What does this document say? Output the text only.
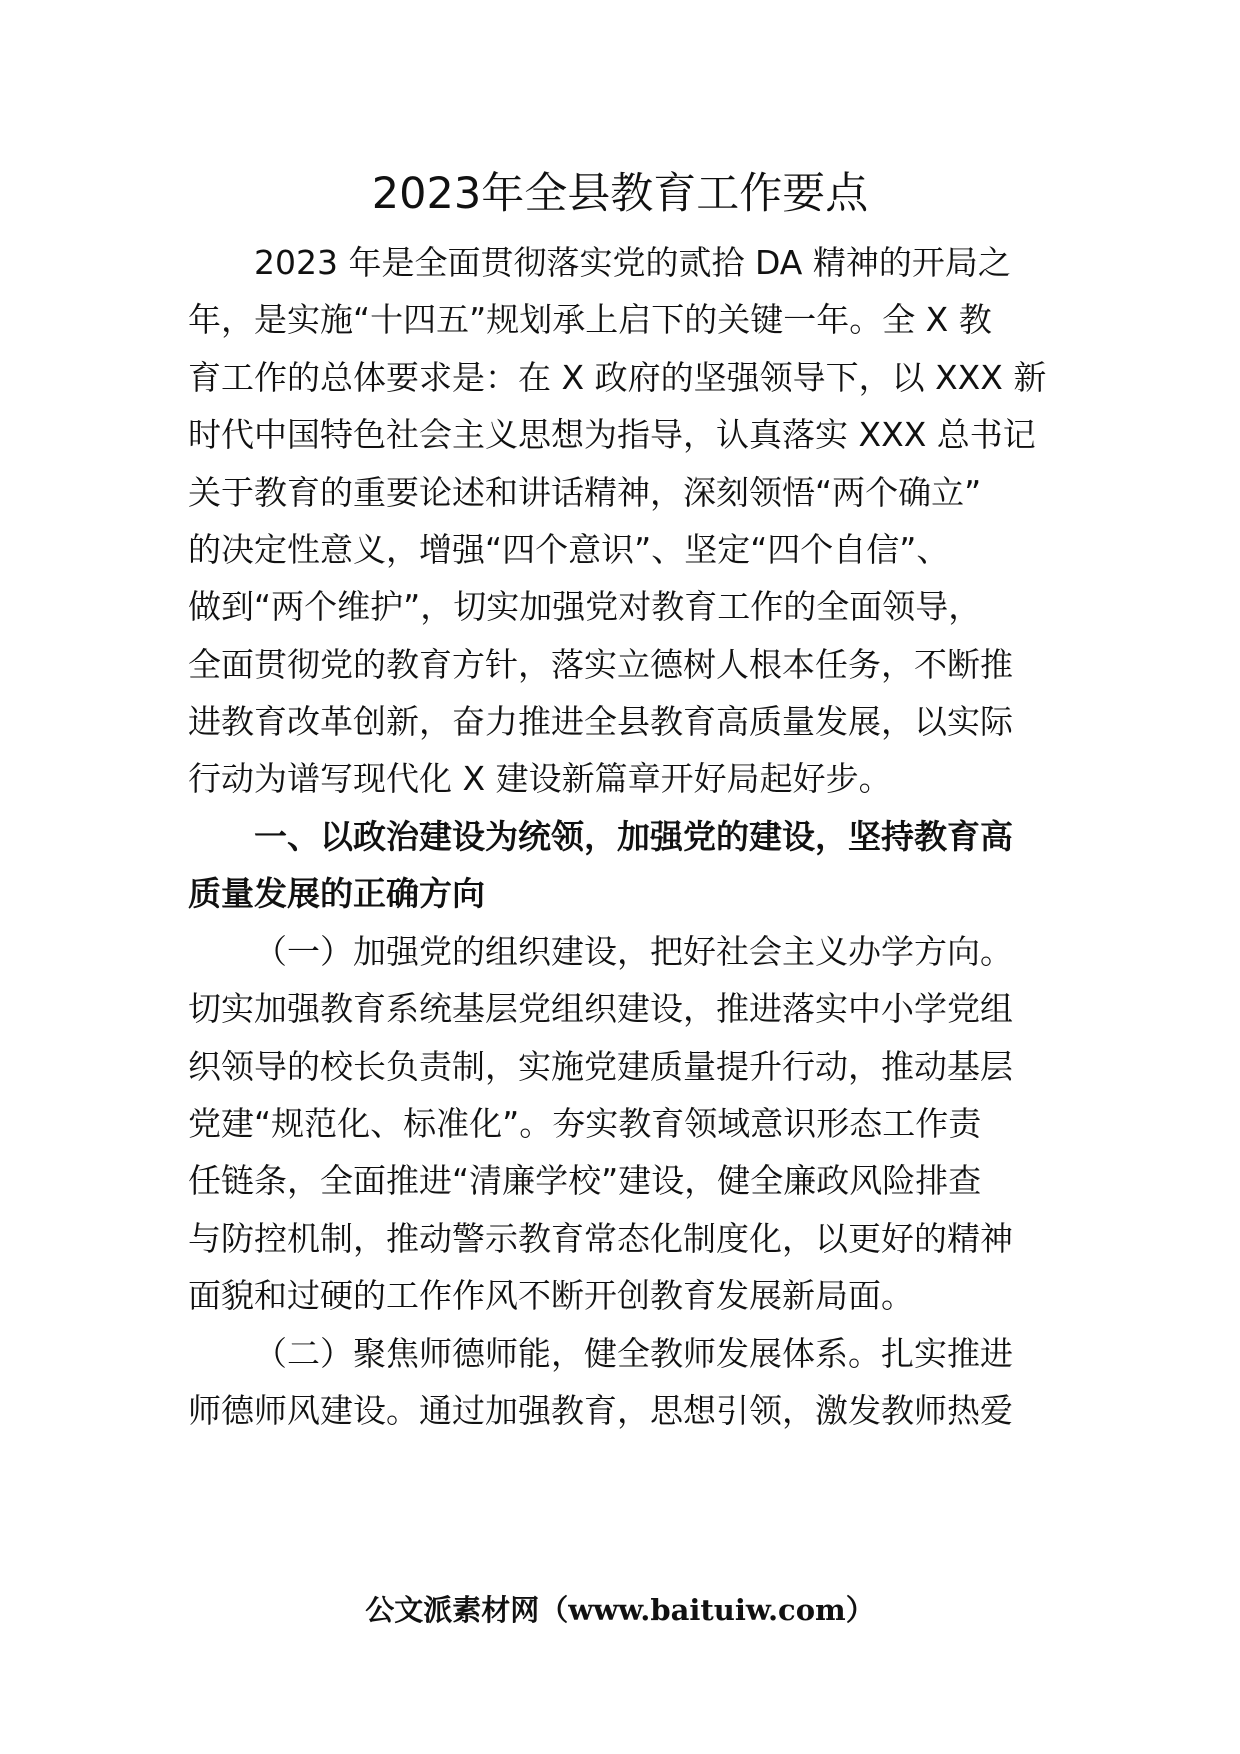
2023年全县教育工作要点
2023 年是全面贯彻落实党的贰拾 DA 精神的开局之
年，是实施“十四五”规划承上启下的关键一年。全 X 教
育工作的总体要求是：在 X 政府的坚强领导下，以 XXX 新
时代中国特色社会主义思想为指导，认真落实 XXX 总书记
关于教育的重要论述和讲话精神，深刻领悟“两个确立”
的决定性意义，增强“四个意识”、坚定“四个自信”、
做到“两个维护”，切实加强党对教育工作的全面领导，
全面贯彻党的教育方针，落实立德树人根本任务，不断推
进教育改革创新，奋力推进全县教育高质量发展，以实际
行动为谱写现代化 X 建设新篇章开好局起好步。
一、以政治建设为统领，加强党的建设，坚持教育高
质量发展的正确方向
（一）加强党的组织建设，把好社会主义办学方向。
切实加强教育系统基层党组织建设，推进落实中小学党组
织领导的校长负责制，实施党建质量提升行动，推动基层
党建“规范化、标准化”。夯实教育领域意识形态工作责
任链条，全面推进“清廉学校”建设，健全廉政风险排查
与防控机制，推动警示教育常态化制度化，以更好的精神
面貌和过硬的工作作风不断开创教育发展新局面。
（二）聚焦师德师能，健全教师发展体系。扎实推进
师德师风建设。通过加强教育，思想引领，激发教师热爱
公文派素材网（www.baituiw.com）
